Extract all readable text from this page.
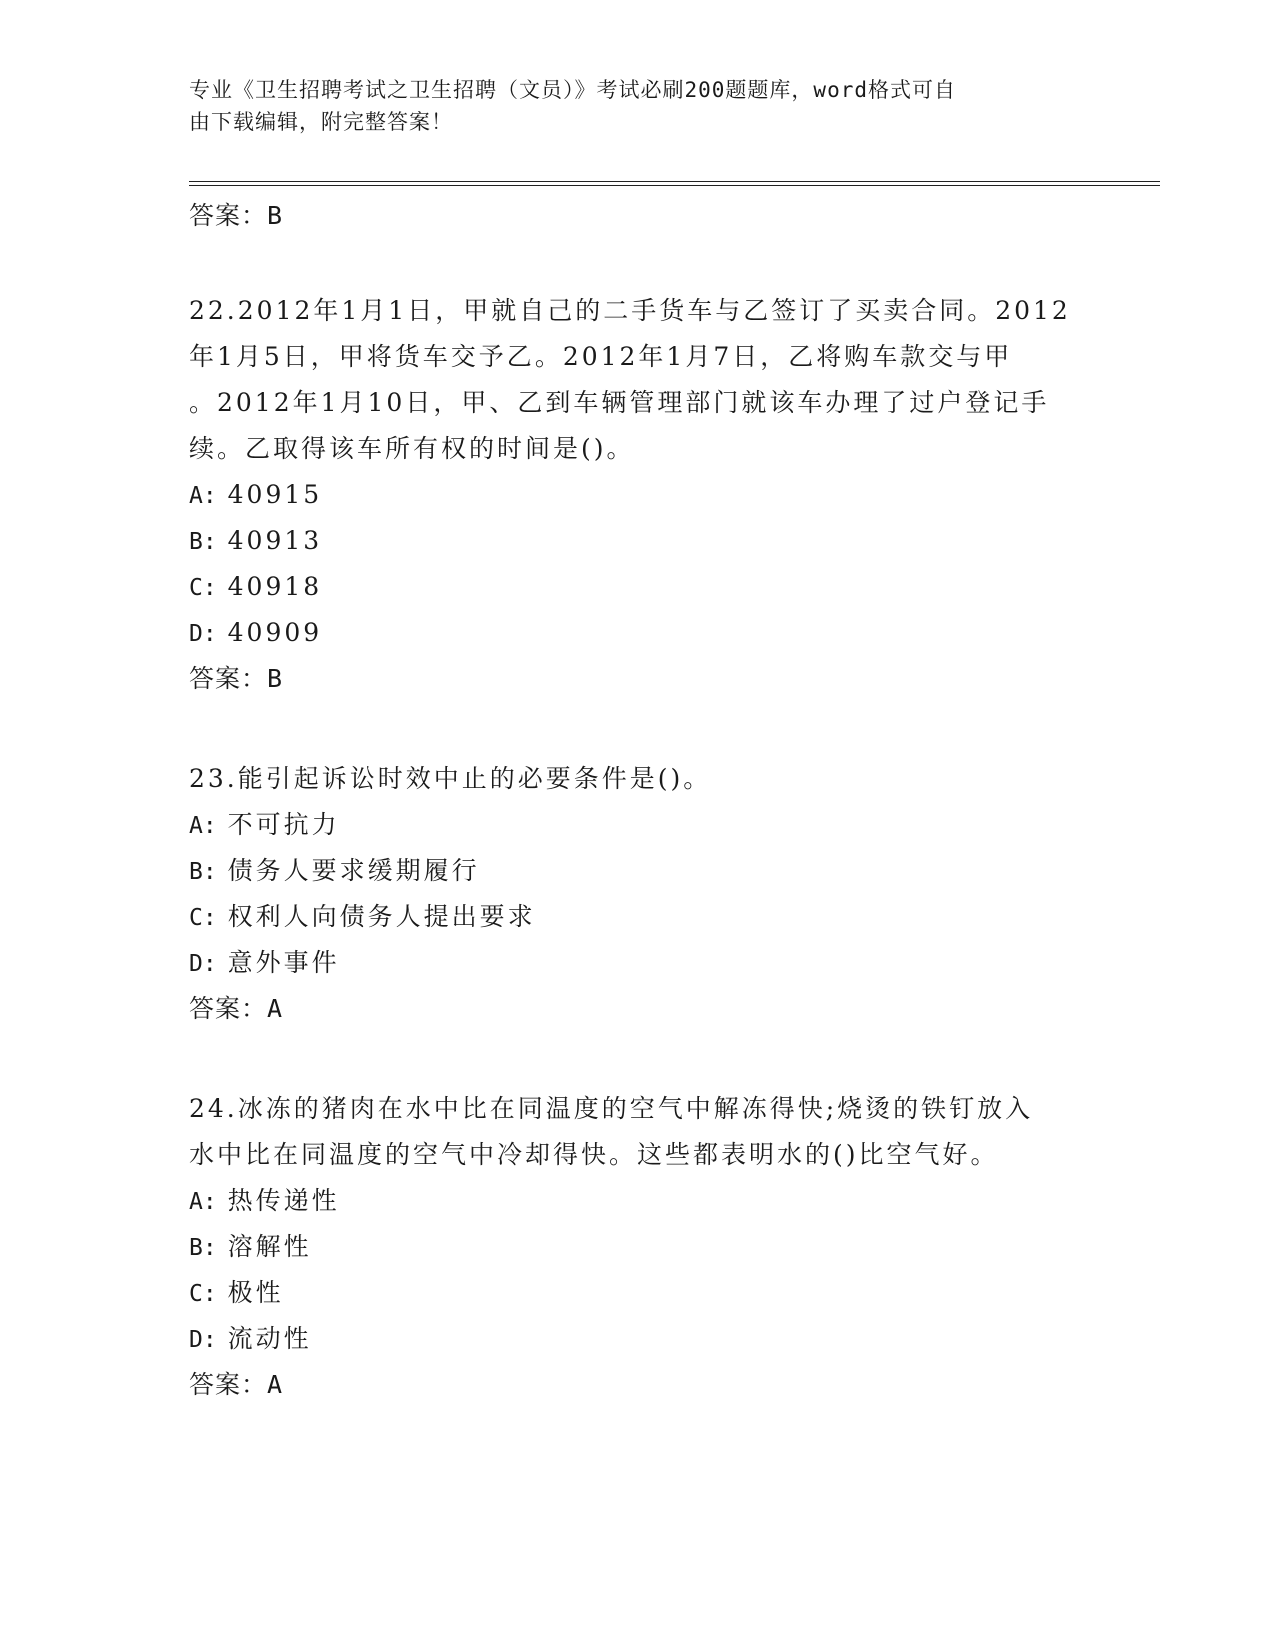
专业《卫生招聘考试之卫生招聘（文员）》考试必刷200题题库，word格式可自
由下载编辑，附完整答案！
答案：B
22.2012年1月1日，甲就自己的二手货车与乙签订了买卖合同。2012
年1月5日，甲将货车交予乙。2012年1月7日，乙将购车款交与甲
。2012年1月10日，甲、乙到车辆管理部门就该车办理了过户登记手
续。乙取得该车所有权的时间是()。
A: 40915
B: 40913
C: 40918
D: 40909
答案：B
23.能引起诉讼时效中止的必要条件是()。
A: 不可抗力
B: 债务人要求缓期履行
C: 权利人向债务人提出要求
D: 意外事件
答案：A
24.冰冻的猪肉在水中比在同温度的空气中解冻得快;烧烫的铁钉放入
水中比在同温度的空气中冷却得快。这些都表明水的()比空气好。
A: 热传递性
B: 溶解性
C: 极性
D: 流动性
答案：A
